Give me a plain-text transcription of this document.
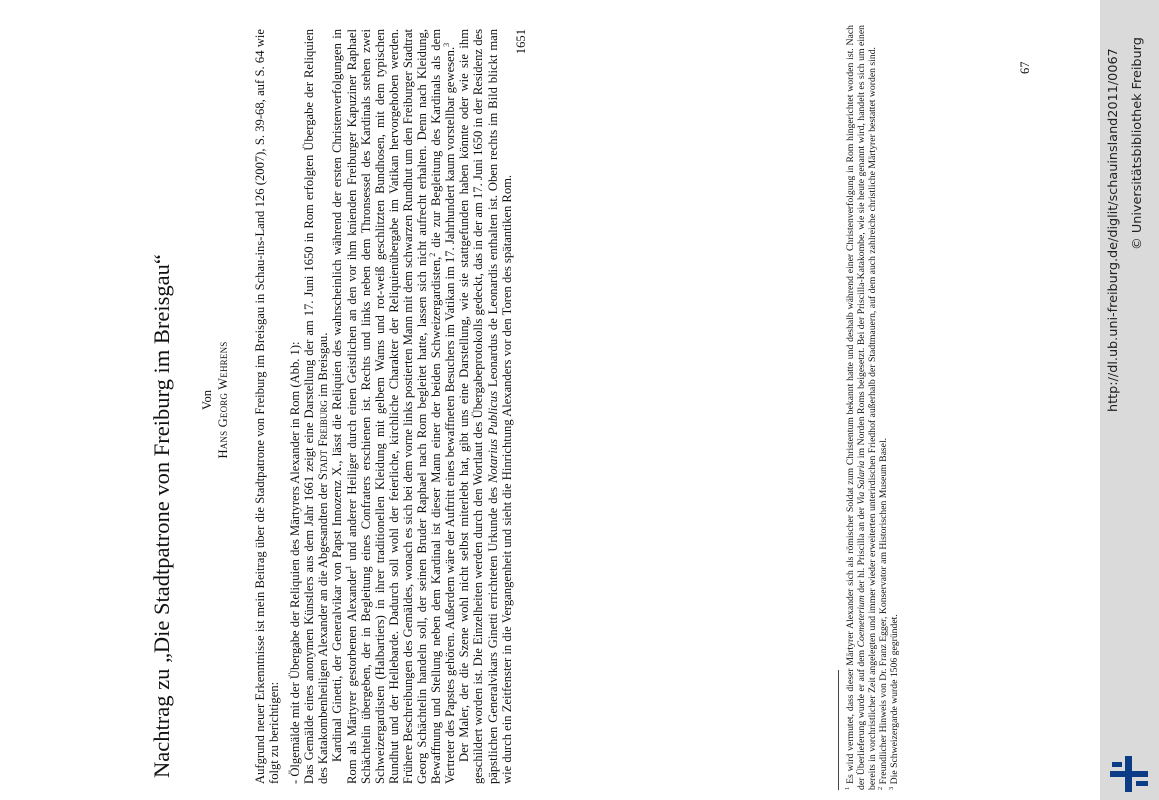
Nachtrag zu „Die Stadtpatrone von Freiburg im Breisgau“ Von Hans Georg Wehrens Aufgrund neuer Erkenntnisse ist mein Beitrag über die Stadtpatrone von Freiburg im Breisgau in Schau-ins-Land 126 (2007), S. 39-68, auf S. 64 wie folgt zu berichtigen: - Ölgemälde mit der Übergabe der Reliquien des Märtyrers Alexander in Rom (Abb. 1): Das Gemälde eines anonymen Künstlers aus dem Jahr 1661 zeigt eine Darstellung der am 17. Juni 1650 in Rom erfolgten Übergabe der Reliquien des Katakombenheiligen Alexander an die Abgesandten der Stadt Freiburg im Breisgau. Kardinal Ginetti, der Generalvikar von Papst Innozenz X., lässt die Reliquien des wahrscheinlich während der ersten Christenverfolgungen in Rom als Märtyrer gestorbenen Alexander$^1$ und anderer Heiliger durch einen Geistlichen an den vor ihm knienden Freiburger Kapuziner Raphael Schächtelin übergeben, der in Begleitung eines Confraters erschienen ist. Rechts und links neben dem Thronsessel des Kardinals stehen zwei Schweizergardisten (Halbartiers) in ihrer traditionellen Kleidung mit gelbem Wams und rot-weiß geschlitzten Bundhosen, mit dem typischen Rundhut und der Hellebarde. Dadurch soll wohl der feierliche, kirchliche Charakter der Reliquienübergabe im Vatikan hervorgehoben werden. Frühere Beschreibungen des Gemäldes, wonach es sich bei dem vorne links postierten Mann mit dem schwarzen Rundhut um den Freiburger Stadtrat Georg Schächtelin handeln soll, der seinen Bruder Raphael nach Rom begleitet hatte, lassen sich nicht aufrecht erhalten. Denn nach Kleidung, Bewaffnung und Stellung neben dem Kardinal ist dieser Mann einer der beiden Schweizergardisten,$^2$ die zur Begleitung des Kardinals als dem Vertreter des Papstes gehören. Außerdem wäre der Auftritt eines bewaffneten Besuchers im Vatikan im 17. Jahrhundert kaum vorstellbar gewesen.$^3$ Der Maler, der die Szene wohl nicht selbst miterlebt hat, gibt uns eine Darstellung, wie sie stattgefunden haben könnte oder wie sie ihm geschildert worden ist. Die Einzelheiten werden durch den Wortlaut des Übergabeprotokolls gedeckt, das in der am 17. Juni 1650 in der Residenz des päpstlichen Generalvikars Ginetti errichteten Urkunde des Notarius Publicus Leonardus de Leonardis enthalten ist. Oben rechts im Bild blickt man wie durch ein Zeitfenster in die Vergangenheit und sieht die Hinrichtung Alexanders vor den Toren des spätantiken Rom.

1651

$^1$ Es wird vermutet, dass dieser Märtyrer Alexander sich als römischer Soldat zum Christentum bekannt hatte und deshalb während einer Christenverfolgung in Rom hingerichtet worden ist. Nach der Überlieferung wurde er auf dem Coemeterium der hl. Priscilla an der Via Salaria im Norden Roms beigesetzt. Bei der Priscilla-Katakombe, wie sie heute genannt wird, handelt es sich um einen bereits in vorchristlicher Zeit angelegten und immer wieder erweiterten unterirdischen Friedhof außerhalb der Stadtmauern, auf dem auch zahlreiche christliche Märtyrer bestattet worden sind.

$^2$ Freundlicher Hinweis von Dr. Franz Egger, Konservator am Historischen Museum Basel.

$^3$ Die Schweizergarde wurde 1506 gegründet.

67	http://dl.ub.uni-freiburg.de/diglit/schauinsland2011/0067 © Universitätsbibliothek Freiburg
